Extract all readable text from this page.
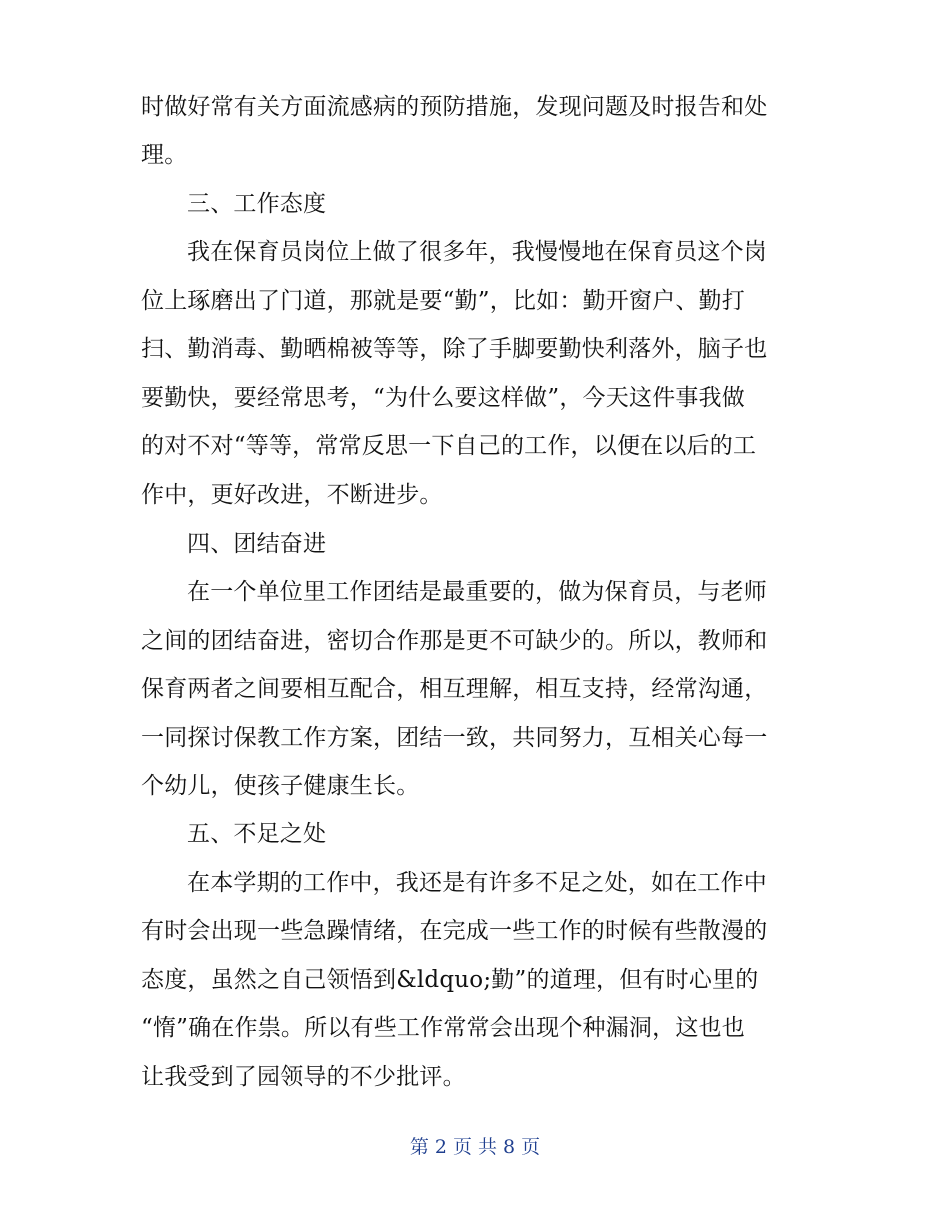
时做好常有关方面流感病的预防措施，发现问题及时报告和处
理。
三、工作态度
我在保育员岗位上做了很多年，我慢慢地在保育员这个岗
位上琢磨出了门道，那就是要“勤”，比如：勤开窗户、勤打
扫、勤消毒、勤晒棉被等等，除了手脚要勤快利落外，脑子也
要勤快，要经常思考，“为什么要这样做”，今天这件事我做
的对不对“等等，常常反思一下自己的工作，以便在以后的工
作中，更好改进，不断进步。
四、团结奋进
在一个单位里工作团结是最重要的，做为保育员，与老师
之间的团结奋进，密切合作那是更不可缺少的。所以，教师和
保育两者之间要相互配合，相互理解，相互支持，经常沟通，
一同探讨保教工作方案，团结一致，共同努力，互相关心每一
个幼儿，使孩子健康生长。
五、不足之处
在本学期的工作中，我还是有许多不足之处，如在工作中
有时会出现一些急躁情绪，在完成一些工作的时候有些散漫的
态度，虽然之自己领悟到&ldquo;勤”的道理，但有时心里的
“惰”确在作祟。所以有些工作常常会出现个种漏洞，这也也
让我受到了园领导的不少批评。
第 2 页 共 8 页
